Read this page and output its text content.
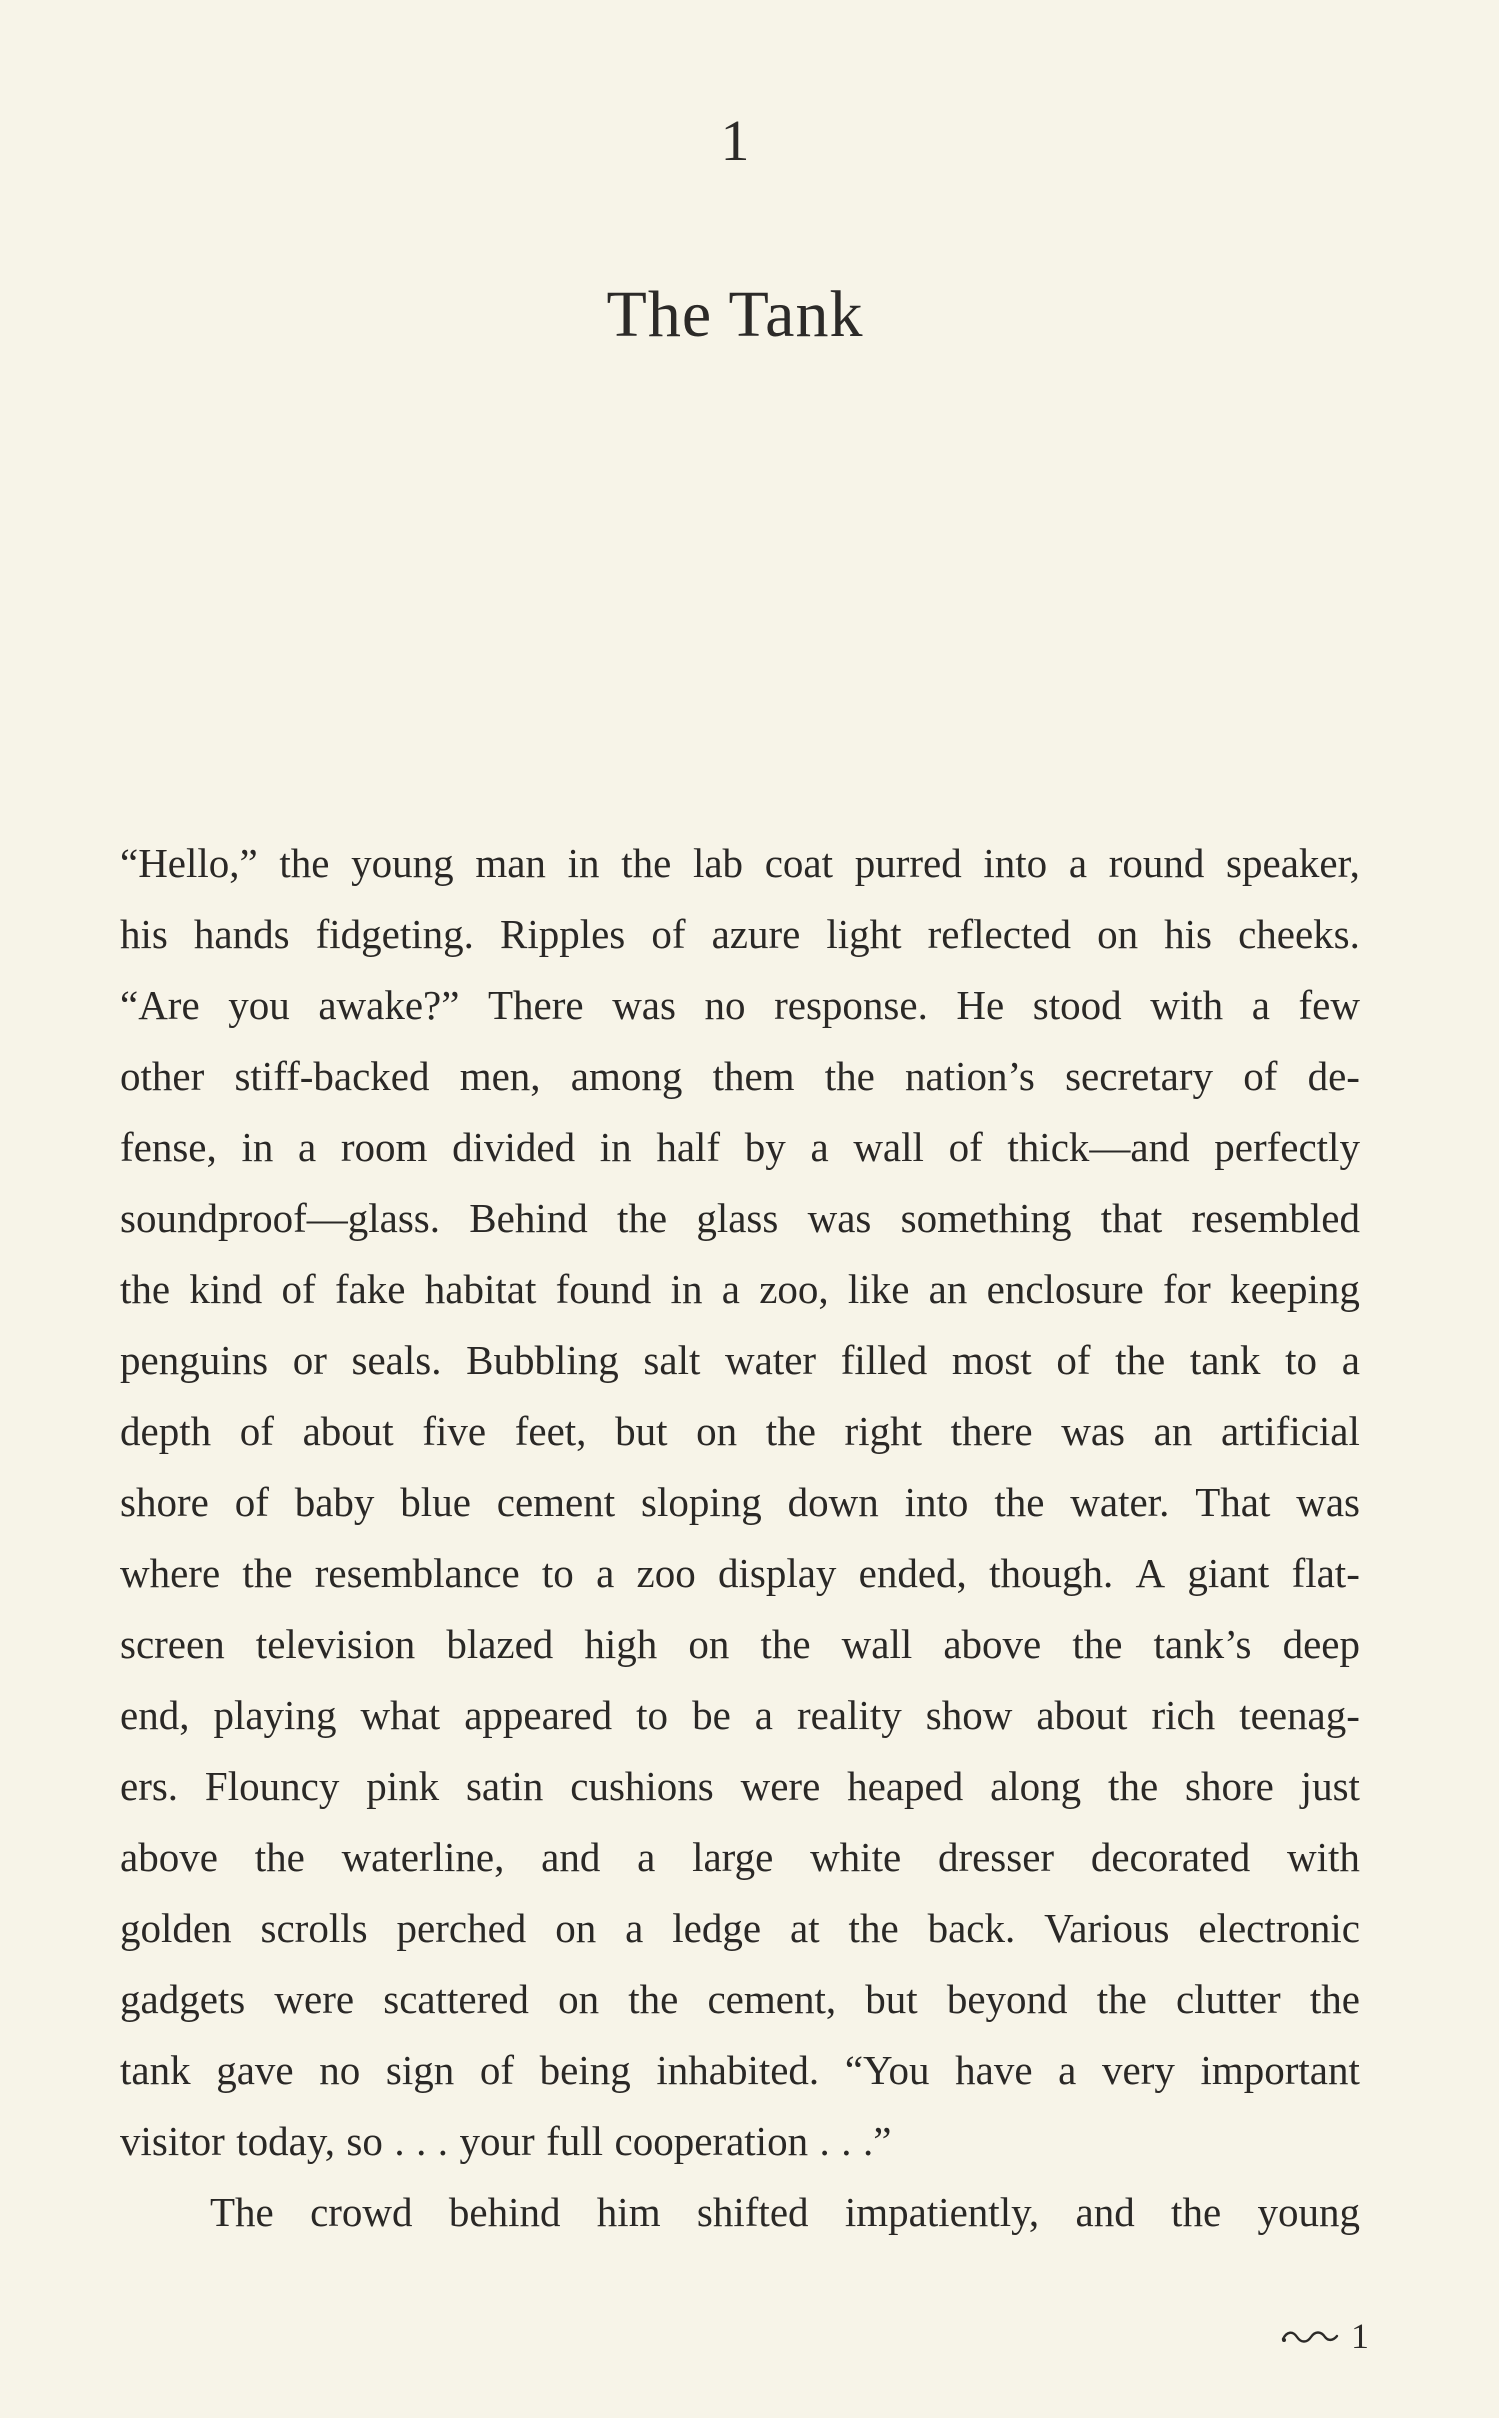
1
The Tank
“Hello,” the young man in the lab coat purred into a round speaker,
his hands fidgeting. Ripples of azure light reflected on his cheeks.
“Are you awake?” There was no response. He stood with a few
other stiff-backed men, among them the nation’s secretary of de-
fense, in a room divided in half by a wall of thick—and perfectly
soundproof—glass. Behind the glass was something that resembled
the kind of fake habitat found in a zoo, like an enclosure for keeping
penguins or seals. Bubbling salt water filled most of the tank to a
depth of about five feet, but on the right there was an artificial
shore of baby blue cement sloping down into the water. That was
where the resemblance to a zoo display ended, though. A giant flat-
screen television blazed high on the wall above the tank’s deep
end, playing what appeared to be a reality show about rich teenag-
ers. Flouncy pink satin cushions were heaped along the shore just
above the waterline, and a large white dresser decorated with
golden scrolls perched on a ledge at the back. Various electronic
gadgets were scattered on the cement, but beyond the clutter the
tank gave no sign of being inhabited. “You have a very important
visitor today, so . . . your full cooperation . . .”
The crowd behind him shifted impatiently, and the young
1
